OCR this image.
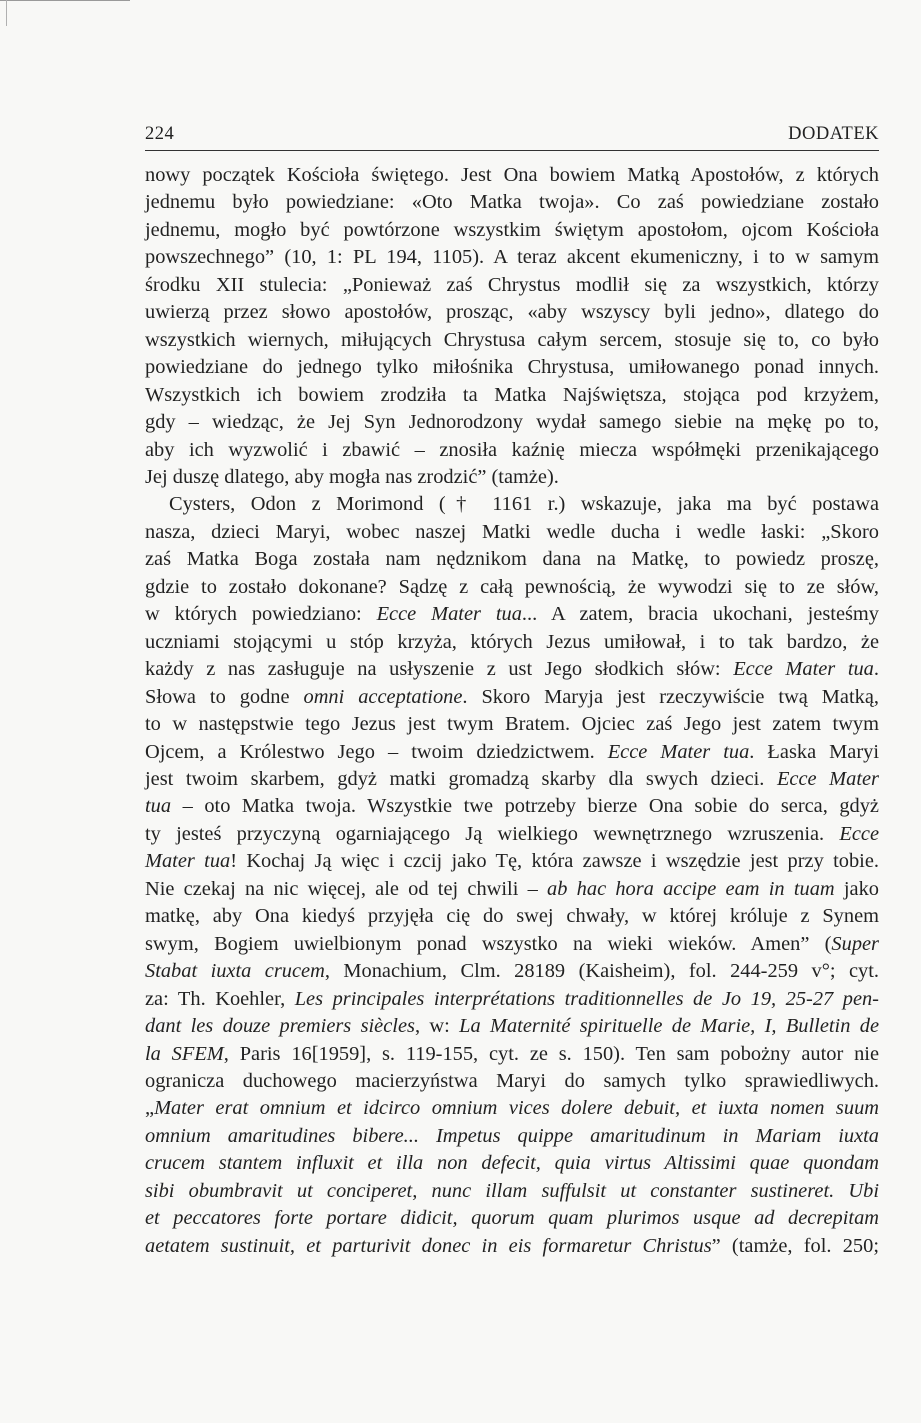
224	DODATEK
nowy początek Kościoła świętego. Jest Ona bowiem Matką Apostołów, z których
jednemu było powiedziane: «Oto Matka twoja». Co zaś powiedziane zostało
jednemu, mogło być powtórzone wszystkim świętym apostołom, ojcom Kościoła
powszechnego” (10, 1: PL 194, 1105). A teraz akcent ekumeniczny, i to w samym
środku XII stulecia: „Ponieważ zaś Chrystus modlił się za wszystkich, którzy
uwierzą przez słowo apostołów, prosząc, «aby wszyscy byli jedno», dlatego do
wszystkich wiernych, miłujących Chrystusa całym sercem, stosuje się to, co było
powiedziane do jednego tylko miłośnika Chrystusa, umiłowanego ponad innych.
Wszystkich ich bowiem zrodziła ta Matka Najświętsza, stojąca pod krzyżem,
gdy – wiedząc, że Jej Syn Jednorodzony wydał samego siebie na mękę po to,
aby ich wyzwolić i zbawić – znosiła kaźnię miecza współmęki przenikającego
Jej duszę dlatego, aby mogła nas zrodzić” (tamże).
Cysters, Odon z Morimond († 1161 r.) wskazuje, jaka ma być postawa
nasza, dzieci Maryi, wobec naszej Matki wedle ducha i wedle łaski: „Skoro
zaś Matka Boga została nam nędznikom dana na Matkę, to powiedz proszę,
gdzie to zostało dokonane? Sądzę z całą pewnością, że wywodzi się to ze słów,
w których powiedziano: Ecce Mater tua... A zatem, bracia ukochani, jesteśmy
uczniami stojącymi u stóp krzyża, których Jezus umiłował, i to tak bardzo, że
każdy z nas zasługuje na usłyszenie z ust Jego słodkich słów: Ecce Mater tua.
Słowa to godne omni acceptatione. Skoro Maryja jest rzeczywiście twą Matką,
to w następstwie tego Jezus jest twym Bratem. Ojciec zaś Jego jest zatem twym
Ojcem, a Królestwo Jego – twoim dziedzictwem. Ecce Mater tua. Łaska Maryi
jest twoim skarbem, gdyż matki gromadzą skarby dla swych dzieci. Ecce Mater
tua – oto Matka twoja. Wszystkie twe potrzeby bierze Ona sobie do serca, gdyż
ty jesteś przyczyną ogarniającego Ją wielkiego wewnętrznego wzruszenia. Ecce
Mater tua! Kochaj Ją więc i czcij jako Tę, która zawsze i wszędzie jest przy tobie.
Nie czekaj na nic więcej, ale od tej chwili – ab hac hora accipe eam in tuam jako
matkę, aby Ona kiedyś przyjęła cię do swej chwały, w której króluje z Synem
swym, Bogiem uwielbionym ponad wszystko na wieki wieków. Amen” (Super
Stabat iuxta crucem, Monachium, Clm. 28189 (Kaisheim), fol. 244-259 v°; cyt.
za: Th. Koehler, Les principales interprétations traditionnelles de Jo 19, 25-27 pen-
dant les douze premiers siècles, w: La Maternité spirituelle de Marie, I, Bulletin de
la SFEM, Paris 16[1959], s. 119-155, cyt. ze s. 150). Ten sam pobożny autor nie
ogranicza duchowego macierzyństwa Maryi do samych tylko sprawiedliwych.
„Mater erat omnium et idcirco omnium vices dolere debuit, et iuxta nomen suum
omnium amaritudines bibere... Impetus quippe amaritudinum in Mariam iuxta
crucem stantem influxit et illa non defecit, quia virtus Altissimi quae quondam
sibi obumbravit ut conciperet, nunc illam suffulsit ut constanter sustineret. Ubi
et peccatores forte portare didicit, quorum quam plurimos usque ad decrepitam
aetatem sustinuit, et parturivit donec in eis formaretur Christus” (tamże, fol. 250;
